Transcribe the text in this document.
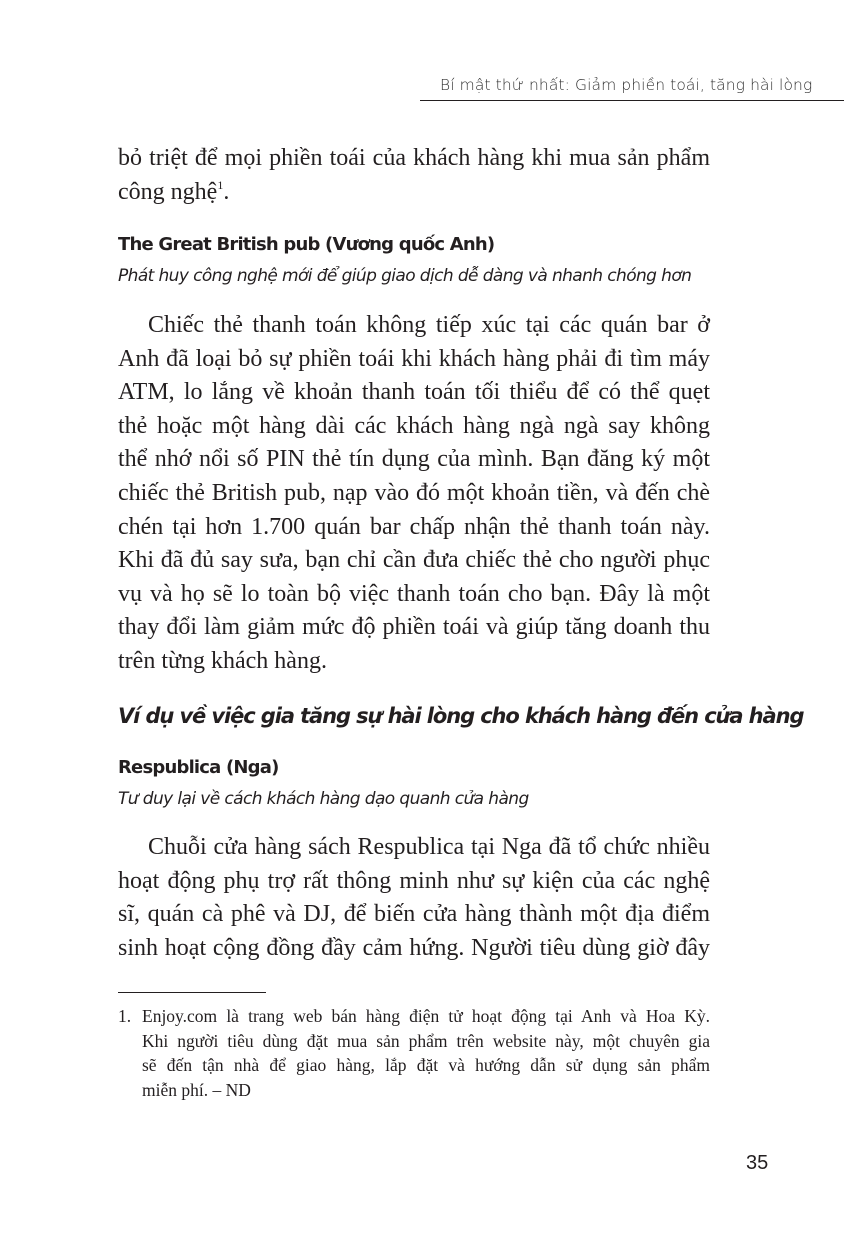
Bí mật thứ nhất: Giảm phiền toái, tăng hài lòng
bỏ triệt để mọi phiền toái của khách hàng khi mua sản phẩm
công nghệ$^1$.
The Great British pub (Vương quốc Anh)
Phát huy công nghệ mới để giúp giao dịch dễ dàng và nhanh chóng hơn
Chiếc thẻ thanh toán không tiếp xúc tại các quán bar ở
Anh đã loại bỏ sự phiền toái khi khách hàng phải đi tìm máy
ATM, lo lắng về khoản thanh toán tối thiểu để có thể quẹt
thẻ hoặc một hàng dài các khách hàng ngà ngà say không
thể nhớ nổi số PIN thẻ tín dụng của mình. Bạn đăng ký một
chiếc thẻ British pub, nạp vào đó một khoản tiền, và đến chè
chén tại hơn 1.700 quán bar chấp nhận thẻ thanh toán này.
Khi đã đủ say sưa, bạn chỉ cần đưa chiếc thẻ cho người phục
vụ và họ sẽ lo toàn bộ việc thanh toán cho bạn. Đây là một
thay đổi làm giảm mức độ phiền toái và giúp tăng doanh thu
trên từng khách hàng.
Ví dụ về việc gia tăng sự hài lòng cho khách hàng đến cửa hàng
Respublica (Nga)
Tư duy lại về cách khách hàng dạo quanh cửa hàng
Chuỗi cửa hàng sách Respublica tại Nga đã tổ chức nhiều
hoạt động phụ trợ rất thông minh như sự kiện của các nghệ
sĩ, quán cà phê và DJ, để biến cửa hàng thành một địa điểm
sinh hoạt cộng đồng đầy cảm hứng. Người tiêu dùng giờ đây
1. Enjoy.com là trang web bán hàng điện tử hoạt động tại Anh và Hoa Kỳ.
Khi người tiêu dùng đặt mua sản phẩm trên website này, một chuyên gia
sẽ đến tận nhà để giao hàng, lắp đặt và hướng dẫn sử dụng sản phẩm
miễn phí. – ND
35
